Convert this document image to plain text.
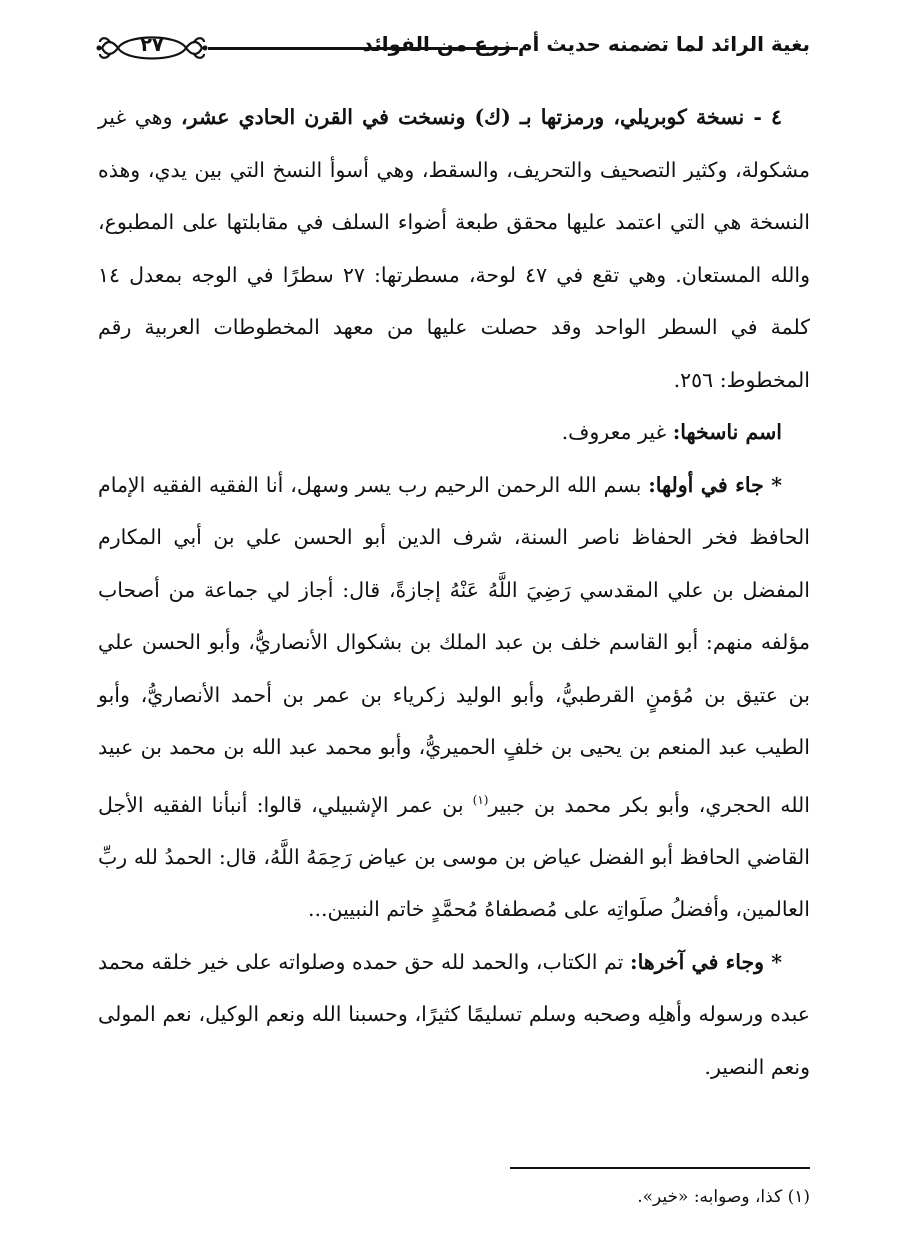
٢٧	بغية الرائد لما تضمنه حديث أم زرع من الفوائد

٤ - نسخة كوبريلي، ورمزتها بـ (ك) ونسخت في القرن الحادي عشر، وهي غير مشكولة، وكثير التصحيف والتحريف، والسقط، وهي أسوأ النسخ التي بين يدي، وهذه النسخة هي التي اعتمد عليها محقق طبعة أضواء السلف في مقابلتها على المطبوع، والله المستعان. وهي تقع في ٤٧ لوحة، مسطرتها: ٢٧ سطرًا في الوجه بمعدل ١٤ كلمة في السطر الواحد وقد حصلت عليها من معهد المخطوطات العربية رقم المخطوط: ٢٥٦.

اسم ناسخها: غير معروف.

* جاء في أولها: بسم الله الرحمن الرحيم رب يسر وسهل، أنا الفقيه الفقيه الإمام الحافظ فخر الحفاظ ناصر السنة، شرف الدين أبو الحسن علي بن أبي المكارم المفضل بن علي المقدسي رَضِيَ اللَّهُ عَنْهُ إجازةً، قال: أجاز لي جماعة من أصحاب مؤلفه منهم: أبو القاسم خلف بن عبد الملك بن بشكوال الأنصاريُّ، وأبو الحسن علي بن عتيق بن مُؤمنٍ القرطبيُّ، وأبو الوليد زكرياء بن عمر بن أحمد الأنصاريُّ، وأبو الطيب عبد المنعم بن يحيى بن خلفٍ الحميريُّ، وأبو محمد عبد الله بن محمد بن عبيد الله الحجري، وأبو بكر محمد بن جبير$^{(١)}$ بن عمر الإشبيلي، قالوا: أنبأنا الفقيه الأجل القاضي الحافظ أبو الفضل عياض بن موسى بن عياض رَحِمَهُ اللَّهُ، قال: الحمدُ لله ربِّ العالمين، وأفضلُ صلَواتِه على مُصطفاهُ مُحمَّدٍ خاتم النبيين...

* وجاء في آخرها: تم الكتاب، والحمد لله حق حمده وصلواته على خير خلقه محمد عبده ورسوله وأهلِه وصحبه وسلم تسليمًا كثيرًا، وحسبنا الله ونعم الوكيل، نعم المولى ونعم النصير.

(١) كذا، وصوابه: «خير».
